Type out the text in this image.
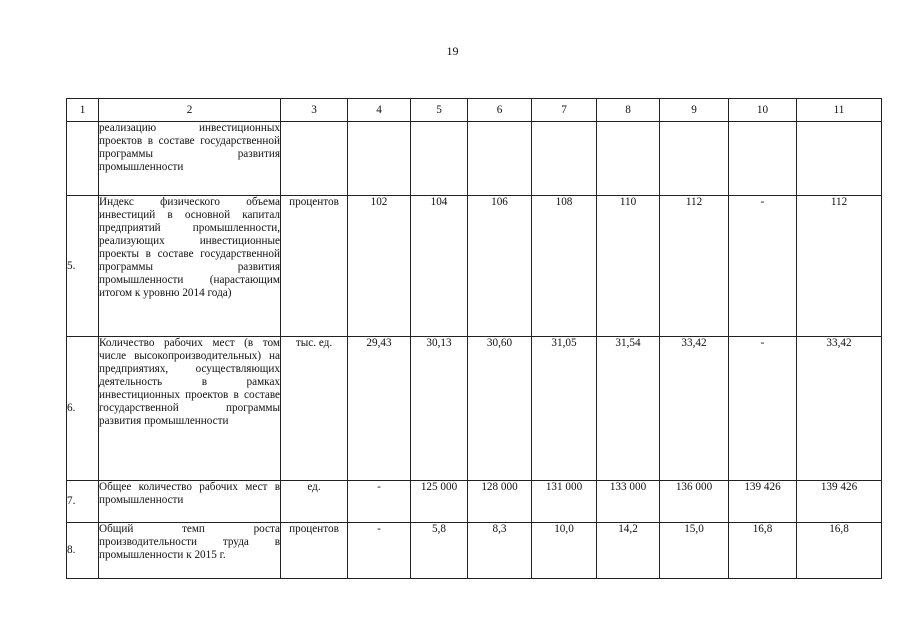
19
1	2	3	4	5	6	7	8	9	10	11
	реализацию инвестиционных проектов в составе государственной программы развития промышленности									
5.	Индекс физического объема инвестиций в основной капитал предприятий промышленности, реализующих инвестиционные проекты в составе государственной программы развития промышленности (нарастающим итогом к уровню 2014 года)	процентов	102	104	106	108	110	112	-	112
6.	Количество рабочих мест (в том числе высокопроизводительных) на предприятиях, осуществляющих деятельность в рамках инвестиционных проектов в составе государственной программы развития промышленности	тыс. ед.	29,43	30,13	30,60	31,05	31,54	33,42	-	33,42
7.	Общее количество рабочих мест в промышленности	ед.	-	125 000	128 000	131 000	133 000	136 000	139 426	139 426
8.	Общий темп роста производительности труда в промышленности к 2015 г.	процентов	-	5,8	8,3	10,0	14,2	15,0	16,8	16,8
